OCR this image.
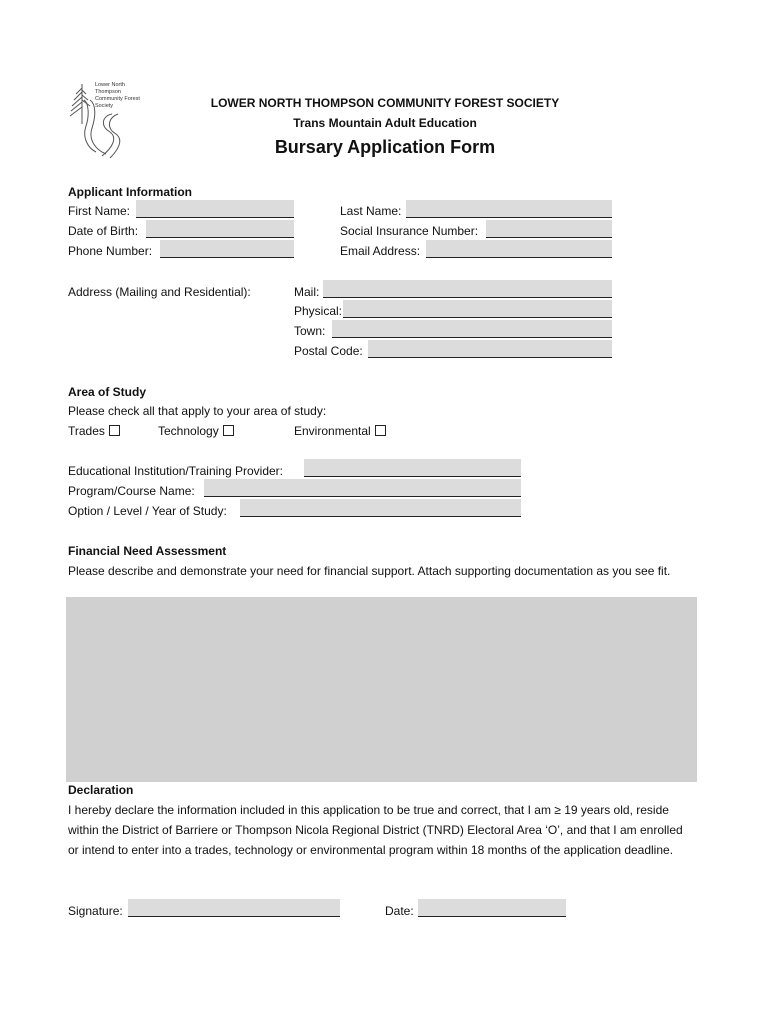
Lower North
Thompson
Community Forest
Society	LOWER NORTH THOMPSON COMMUNITY FOREST SOCIETY
Trans Mountain Adult Education
Bursary Application Form
Applicant Information
First Name:	Last Name:
Date of Birth:	Social Insurance Number:
Phone Number:	Email Address:
Address (Mailing and Residential):	Mail:
Physical:
Town:
Postal Code:
Area of Study
Please check all that apply to your area of study:
Trades	Technology	Environmental
Educational Institution/Training Provider:
Program/Course Name:
Option / Level / Year of Study:
Financial Need Assessment
Please describe and demonstrate your need for financial support. Attach supporting documentation as you see fit.
Declaration
I hereby declare the information included in this application to be true and correct, that I am ≥ 19 years old, reside within the District of Barriere or Thompson Nicola Regional District (TNRD) Electoral Area ‘O’, and that I am enrolled or intend to enter into a trades, technology or environmental program within 18 months of the application deadline.
Signature:	Date:
